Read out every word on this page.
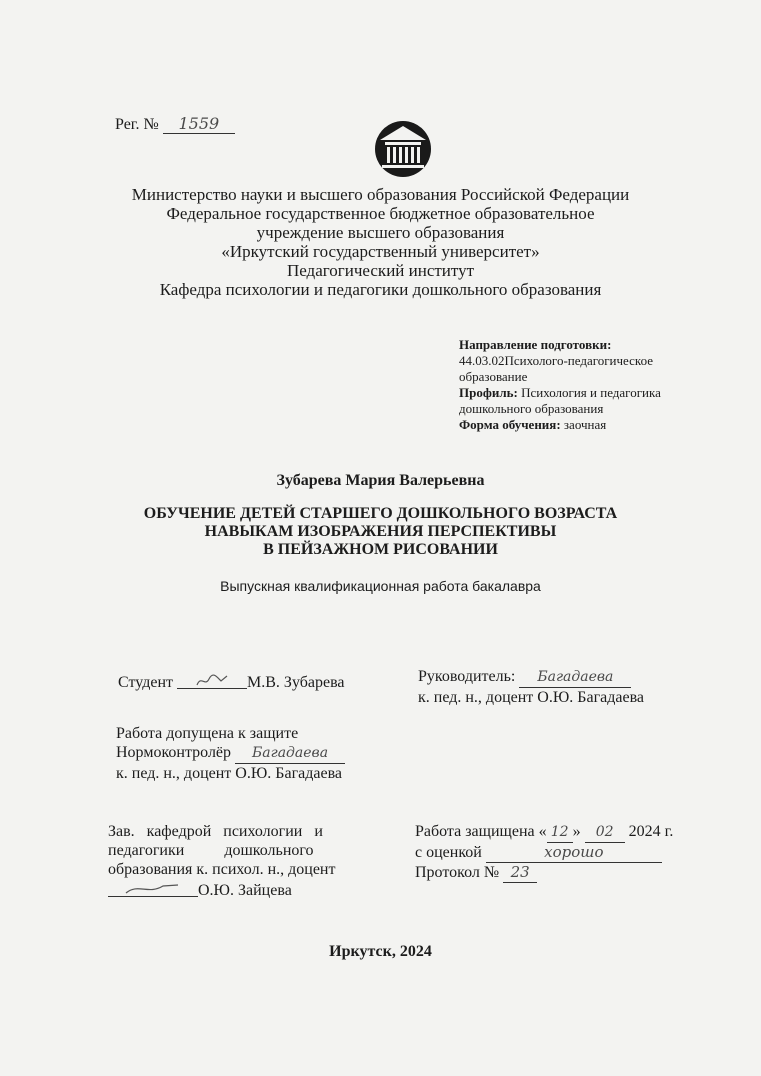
Рег. № 1559
Министерство науки и высшего образования Российской Федерации
Федеральное государственное бюджетное образовательное
учреждение высшего образования
«Иркутский государственный университет»
Педагогический институт
Кафедра психологии и педагогики дошкольного образования
Направление подготовки:
44.03.02Психолого-педагогическое
образование
Профиль: Психология и педагогика
дошкольного образования
Форма обучения: заочная
Зубарева Мария Валерьевна
ОБУЧЕНИЕ ДЕТЕЙ СТАРШЕГО ДОШКОЛЬНОГО ВОЗРАСТА
НАВЫКАМ ИЗОБРАЖЕНИЯ ПЕРСПЕКТИВЫ
В ПЕЙЗАЖНОМ РИСОВАНИИ
Выпускная квалификационная работа бакалавра
Студент	М.В. Зубарева	Руководитель: Багадаева
к. пед. н., доцент О.Ю. Багадаева
Работа допущена к защите
Нормоконтролёр Багадаева
к. пед. н., доцент О.Ю. Багадаева
Зав.   кафедрой   психологии   и
педагогики          дошкольного
образования к. психол. н., доцент
О.Ю. Зайцева
Работа защищена « 12 » 02 2024 г.
с оценкой	хорошо
Протокол № 23
Иркутск, 2024
